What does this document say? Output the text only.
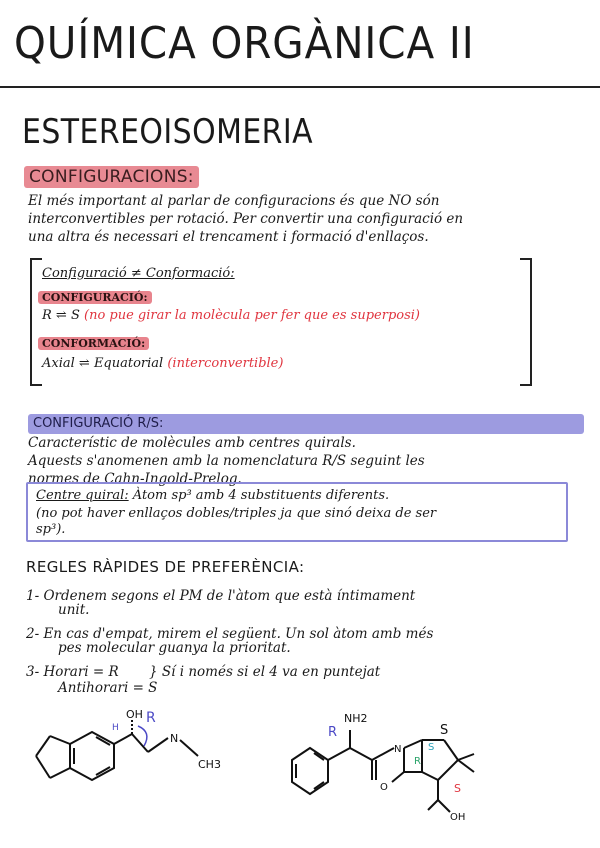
QUÍMICA ORGÀNICA II
ESTEREOISOMERIA
CONFIGURACIONS:
El més important al parlar de configuracions és que NO són
interconvertibles per rotació. Per convertir una configuració en
una altra és necessari el trencament i formació d'enllaços.
Configuració ≠ Conformació:
CONFIGURACIÓ:
R ⇌ S (no pue girar la molècula per fer que es superposi)
CONFORMACIÓ:
Axial ⇌ Equatorial (interconvertible)
CONFIGURACIÓ R/S:
Característic de molècules amb centres quirals.
Aquests s'anomenen amb la nomenclatura R/S seguint les
normes de Cahn-Ingold-Prelog.
Centre quiral: Àtom sp³ amb 4 substituents diferents.
(no pot haver enllaços dobles/triples ja que sinó deixa de ser
sp³).
REGLES RÀPIDES DE PREFERÈNCIA:
1- Ordenem segons el PM de l'àtom que està íntimament
unit.
2- En cas d'empat, mirem el següent. Un sol àtom amb més
pes molecular guanya la prioritat.
3- Horari = R } Sí i només si el 4 va en puntejat
Antihorari = S
OH
H
N
CH3
R	NH2
R	S
N
O
OH
S
R
S
